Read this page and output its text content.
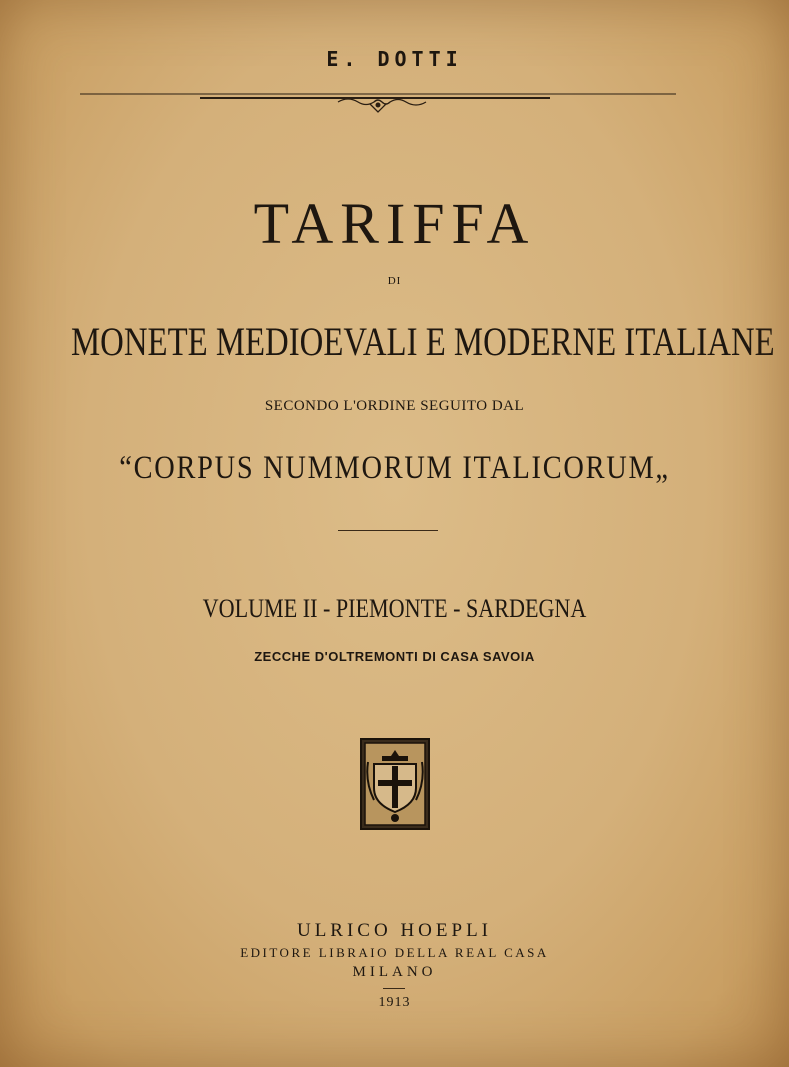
E. DOTTI
TARIFFA
DI
MONETE MEDIOEVALI E MODERNE ITALIANE
SECONDO L'ORDINE SEGUITO DAL
“CORPUS NUMMORUM ITALICORUM„
VOLUME II - PIEMONTE - SARDEGNA
ZECCHE D'OLTREMONTI DI CASA SAVOIA
ULRICO HOEPLI
EDITORE LIBRAIO DELLA REAL CASA
MILANO
1913
